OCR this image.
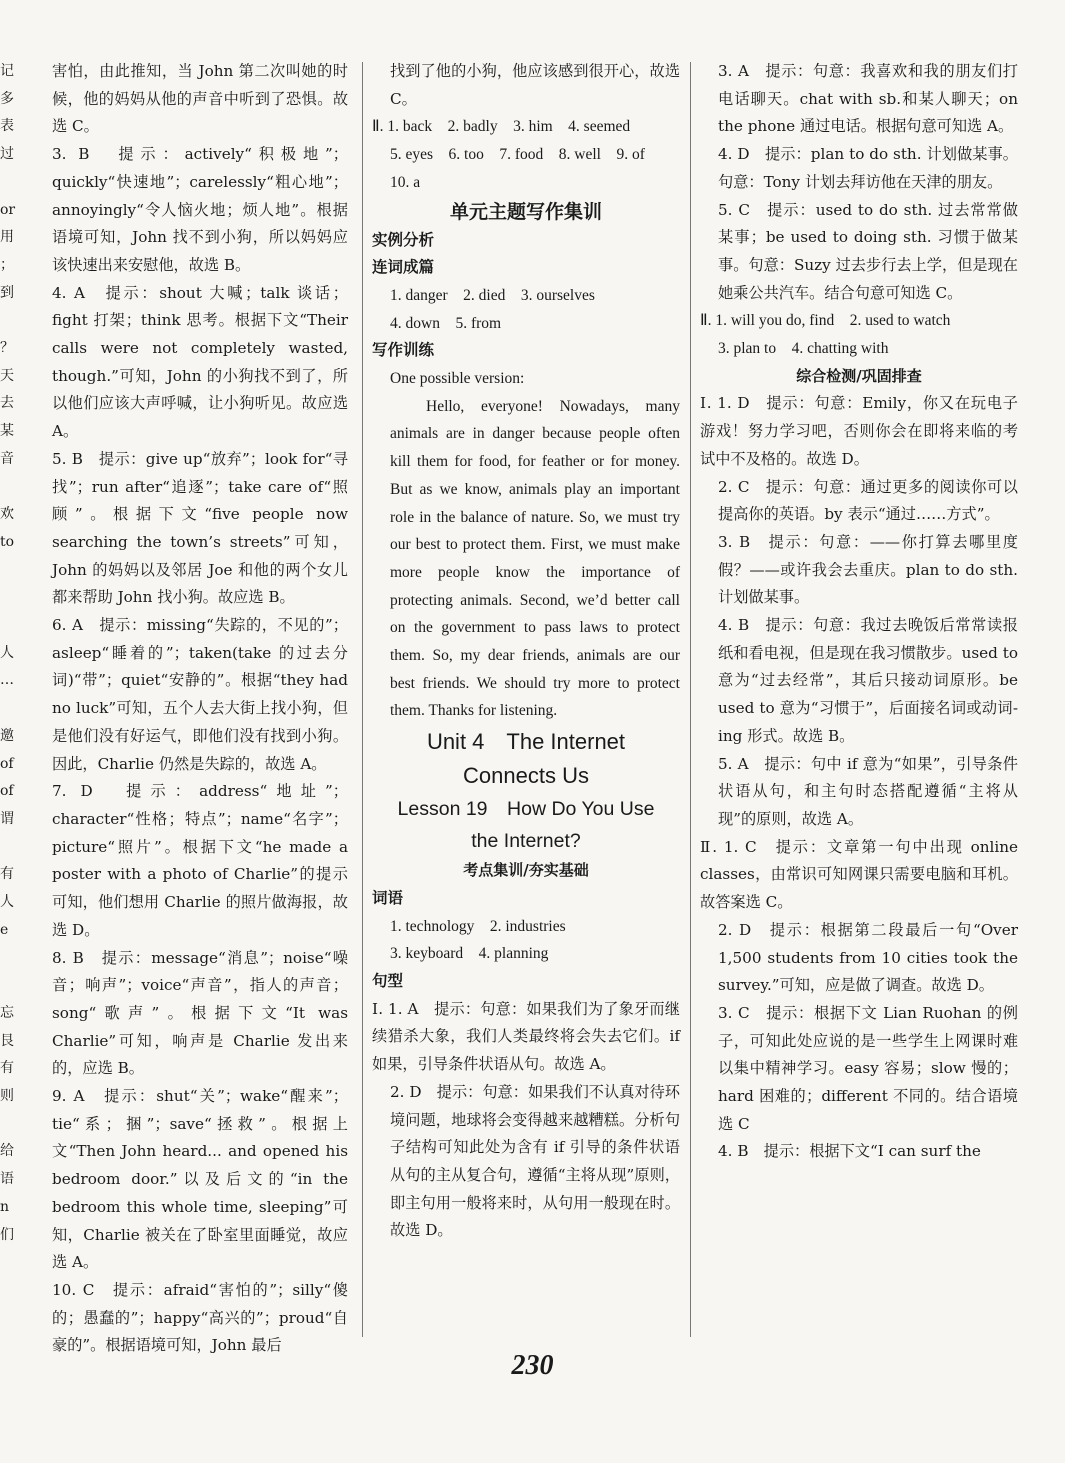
记

多

表

过

or

用

；

到

？

天

去

某

音

欢

to

人

…

邀

of

of

谓

有

人

e

忘

艮

有

则

给

语

n

们

害怕，由此推知，当 John 第二次叫她的时候，他的妈妈从他的声音中听到了恐惧。故选 C。

3. B　提示：actively“积极地”；quickly“快速地”；carelessly“粗心地”；annoyingly“令人恼火地；烦人地”。根据语境可知，John 找不到小狗，所以妈妈应该快速出来安慰他，故选 B。

4. A　提示：shout 大喊；talk 谈话；fight 打架；think 思考。根据下文“Their calls were not completely wasted, though.”可知，John 的小狗找不到了，所以他们应该大声呼喊，让小狗听见。故应选 A。

5. B　提示：give up“放弃”；look for“寻找”；run after“追逐”；take care of“照顾”。根据下文“five people now searching the town’s streets”可知，John 的妈妈以及邻居 Joe 和他的两个女儿都来帮助 John 找小狗。故应选 B。

6. A　提示：missing“失踪的，不见的”；asleep“睡着的”；taken(take 的过去分词)“带”；quiet“安静的”。根据“they had no luck”可知，五个人去大街上找小狗，但是他们没有好运气，即他们没有找到小狗。因此，Charlie 仍然是失踪的，故选 A。

7. D　提示：address“地址”；character“性格；特点”；name“名字”；picture“照片”。根据下文“he made a poster with a photo of Charlie”的提示可知，他们想用 Charlie 的照片做海报，故选 D。

8. B　提示：message“消息”；noise“噪音；响声”；voice“声音”，指人的声音；song“歌声”。根据下文“It was Charlie”可知，响声是 Charlie 发出来的，应选 B。

9. A　提示：shut“关”；wake“醒来”；tie“系；捆”；save“拯救”。根据上文“Then John heard... and opened his bedroom door.”以及后文的“in the bedroom this whole time, sleeping”可知，Charlie 被关在了卧室里面睡觉，故应选 A。

10. C　提示：afraid“害怕的”；silly“傻的；愚蠢的”；happy“高兴的”；proud“自豪的”。根据语境可知，John 最后

找到了他的小狗，他应该感到很开心，故选 C。

Ⅱ. 1. back　2. badly　3. him　4. seemed

5. eyes　6. too　7. food　8. well　9. of

10. a

单元主题写作集训

实例分析

连词成篇

1. danger　2. died　3. ourselves

4. down　5. from

写作训练

One possible version:

Hello, everyone! Nowadays, many animals are in danger because people often kill them for food, for feather or for money. But as we know, animals play an important role in the balance of nature. So, we must try our best to protect them. First, we must make more people know the importance of protecting animals. Second, we’d better call on the government to pass laws to protect them. So, my dear friends, animals are our best friends. We should try more to protect them. Thanks for listening.

Unit 4　The Internet

Connects Us

Lesson 19　How Do You Use

the Internet?

考点集训/夯实基础

词语

1. technology　2. industries

3. keyboard　4. planning

句型

Ⅰ. 1. A　提示：句意：如果我们为了象牙而继续猎杀大象，我们人类最终将会失去它们。if 如果，引导条件状语从句。故选 A。

2. D　提示：句意：如果我们不认真对待环境问题，地球将会变得越来越糟糕。分析句子结构可知此处为含有 if 引导的条件状语从句的主从复合句，遵循“主将从现”原则，即主句用一般将来时，从句用一般现在时。故选 D。

3. A　提示：句意：我喜欢和我的朋友们打电话聊天。chat with sb.和某人聊天；on the phone 通过电话。根据句意可知选 A。

4. D　提示：plan to do sth. 计划做某事。句意：Tony 计划去拜访他在天津的朋友。

5. C　提示：used to do sth. 过去常常做某事；be used to doing sth. 习惯于做某事。句意：Suzy 过去步行去上学，但是现在她乘公共汽车。结合句意可知选 C。

Ⅱ. 1. will you do, find　2. used to watch

3. plan to　4. chatting with

综合检测/巩固排查

Ⅰ. 1. D　提示：句意：Emily，你又在玩电子游戏！努力学习吧，否则你会在即将来临的考试中不及格的。故选 D。

2. C　提示：句意：通过更多的阅读你可以提高你的英语。by 表示“通过……方式”。

3. B　提示：句意：——你打算去哪里度假？——或许我会去重庆。plan to do sth.计划做某事。

4. B　提示：句意：我过去晚饭后常常读报纸和看电视，但是现在我习惯散步。used to 意为“过去经常”，其后只接动词原形。be used to 意为“习惯于”，后面接名词或动词-ing 形式。故选 B。

5. A　提示：句中 if 意为“如果”，引导条件状语从句，和主句时态搭配遵循“主将从现”的原则，故选 A。

Ⅱ. 1. C　提示：文章第一句中出现 online classes，由常识可知网课只需要电脑和耳机。故答案选 C。

2. D　提示：根据第二段最后一句“Over 1,500 students from 10 cities took the survey.”可知，应是做了调查。故选 D。

3. C　提示：根据下文 Lian Ruohan 的例子，可知此处应说的是一些学生上网课时难以集中精神学习。easy 容易；slow 慢的；hard 困难的；different 不同的。结合语境选 C

4. B　提示：根据下文“I can surf the

230
